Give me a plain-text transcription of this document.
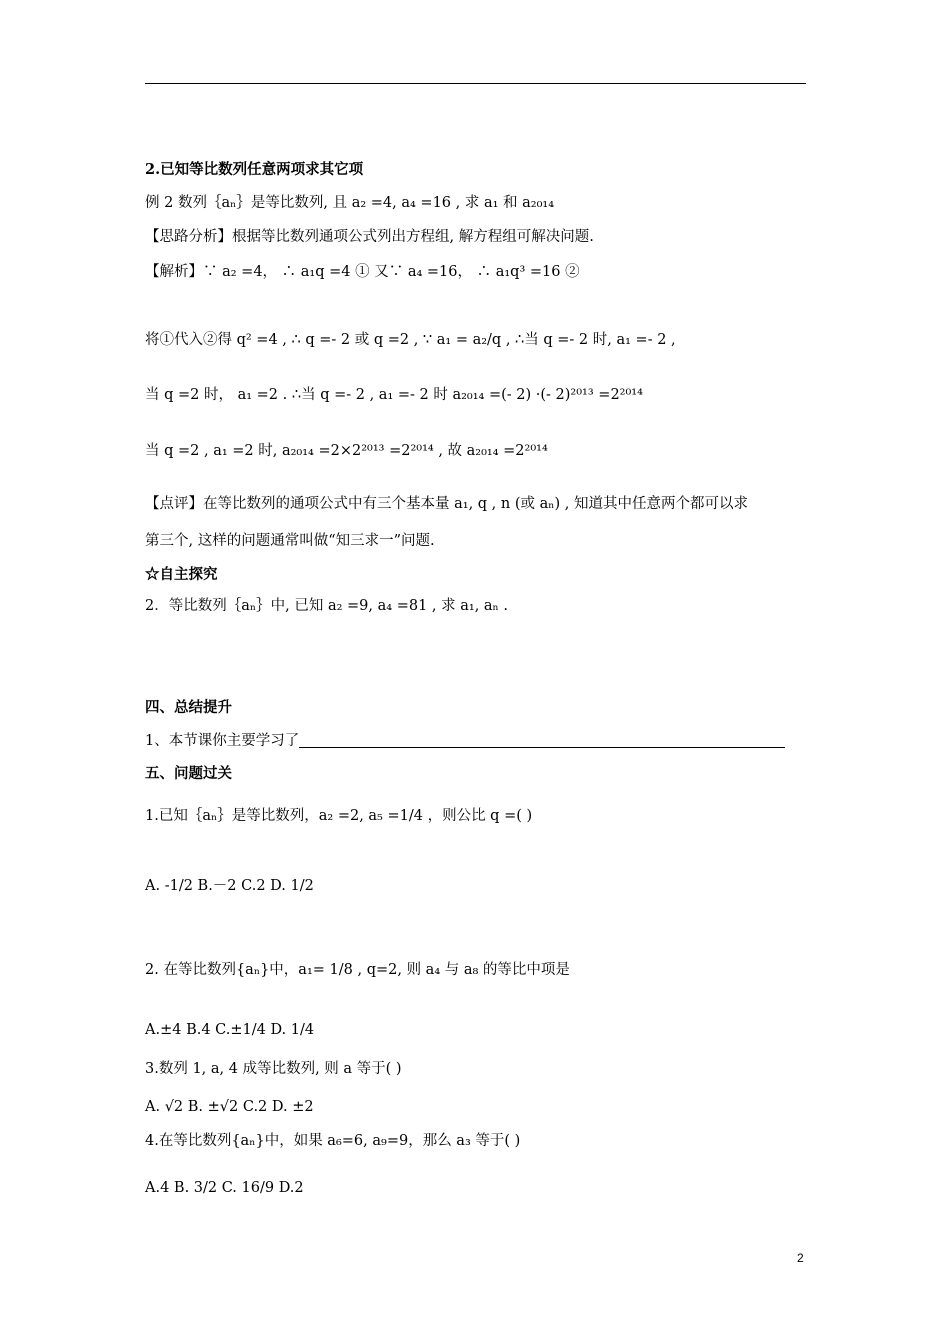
2.已知等比数列任意两项求其它项
例 2 数列｛aₙ｝是等比数列, 且 a₂ =4, a₄ =16 , 求 a₁ 和 a₂₀₁₄
【思路分析】根据等比数列通项公式列出方程组, 解方程组可解决问题.
【解析】∵ a₂ =4， ∴ a₁q =4 ① 又∵ a₄ =16， ∴ a₁q³ =16 ②
将①代入②得 q² =4 , ∴ q =- 2 或 q =2 , ∵ a₁ = a₂/q , ∴当 q =- 2 时, a₁ =- 2 ,
当 q =2 时， a₁ =2 . ∴当 q =- 2 , a₁ =- 2 时 a₂₀₁₄ =(- 2) ·(- 2)²⁰¹³ =2²⁰¹⁴
当 q =2 , a₁ =2 时, a₂₀₁₄ =2×2²⁰¹³ =2²⁰¹⁴ , 故 a₂₀₁₄ =2²⁰¹⁴
【点评】在等比数列的通项公式中有三个基本量 a₁, q , n (或 aₙ) , 知道其中任意两个都可以求
第三个, 这样的问题通常叫做“知三求一”问题.
☆自主探究
2．等比数列｛aₙ｝中, 已知 a₂ =9, a₄ =81 , 求 a₁, aₙ .
四、总结提升
1、本节课你主要学习了
五、问题过关
1.已知｛aₙ｝是等比数列，a₂ =2, a₅ =1/4 ，则公比 q =( )
A. -1/2 B.－2 C.2 D. 1/2
2. 在等比数列{aₙ}中，a₁= 1/8 , q=2, 则 a₄ 与 a₈ 的等比中项是
A.±4 B.4 C.±1/4 D. 1/4
3.数列 1, a, 4 成等比数列, 则 a 等于( )
A. √2 B. ±√2 C.2 D. ±2
4.在等比数列{aₙ}中，如果 a₆=6, a₉=9，那么 a₃ 等于( )
A.4 B. 3/2 C. 16/9 D.2
2
